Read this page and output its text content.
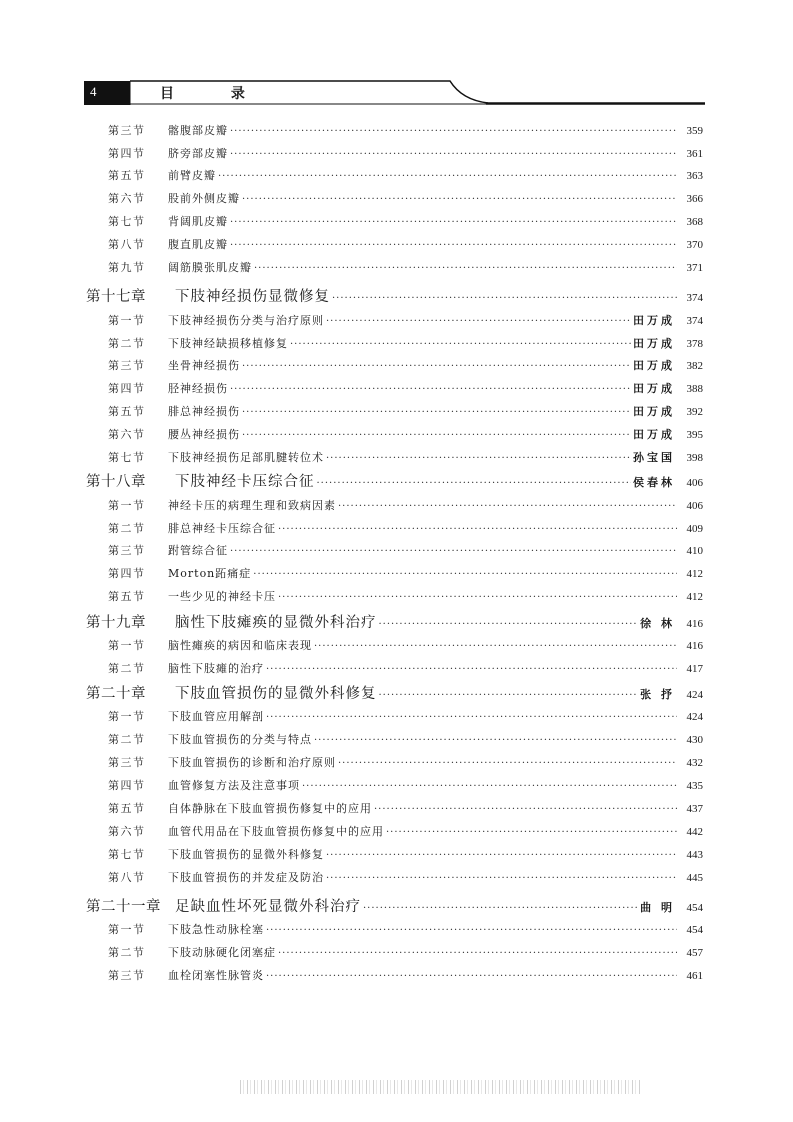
4	目 录
第三节 髂腹部皮瓣 ·····	359
第四节 脐旁部皮瓣 ·····	361
第五节 前臂皮瓣 ·····	363
第六节 股前外侧皮瓣 ·····	366
第七节 背阔肌皮瓣 ·····	368
第八节 腹直肌皮瓣 ·····	370
第九节 阔筋膜张肌皮瓣 ·····	371
第十七章 下肢神经损伤显微修复 ·····	374
第一节 下肢神经损伤分类与治疗原则 ·····	田万成	374
第二节 下肢神经缺损移植修复 ·····	田万成	378
第三节 坐骨神经损伤 ·····	田万成	382
第四节 胫神经损伤 ·····	田万成	388
第五节 腓总神经损伤 ·····	田万成	392
第六节 腰丛神经损伤 ·····	田万成	395
第七节 下肢神经损伤足部肌腱转位术 ·····	孙宝国	398
第十八章 下肢神经卡压综合征 ·····	侯春林	406
第一节 神经卡压的病理生理和致病因素 ·····	406
第二节 腓总神经卡压综合征 ·····	409
第三节 跗管综合征 ·····	410
第四节 Morton跖痛症 ·····	412
第五节 一些少见的神经卡压 ·····	412
第十九章 脑性下肢瘫痪的显微外科治疗 ·····	徐 林	416
第一节 脑性瘫痪的病因和临床表现 ·····	416
第二节 脑性下肢瘫的治疗 ·····	417
第二十章 下肢血管损伤的显微外科修复 ·····	张 抒	424
第一节 下肢血管应用解剖 ·····	424
第二节 下肢血管损伤的分类与特点 ·····	430
第三节 下肢血管损伤的诊断和治疗原则 ·····	432
第四节 血管修复方法及注意事项 ·····	435
第五节 自体静脉在下肢血管损伤修复中的应用 ·····	437
第六节 血管代用品在下肢血管损伤修复中的应用 ·····	442
第七节 下肢血管损伤的显微外科修复 ·····	443
第八节 下肢血管损伤的并发症及防治 ·····	445
第二十一章 足缺血性坏死显微外科治疗 ·····	曲 明	454
第一节 下肢急性动脉栓塞 ·····	454
第二节 下肢动脉硬化闭塞症 ·····	457
第三节 血栓闭塞性脉管炎 ·····	461
